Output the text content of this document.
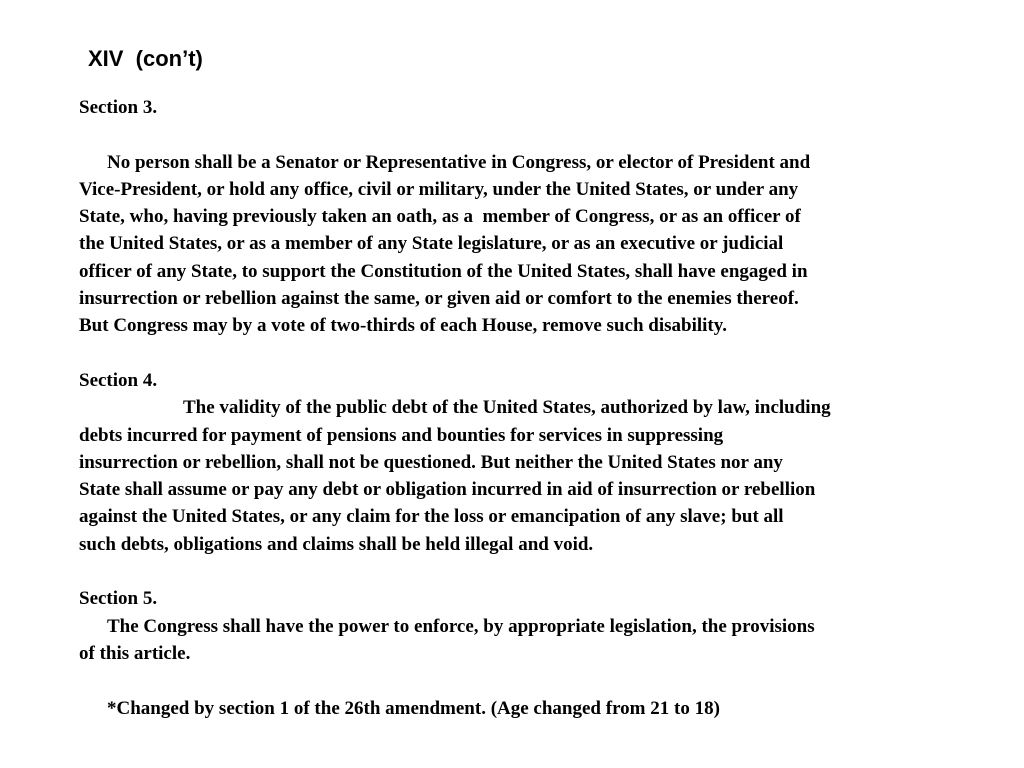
XIV  (con’t)
Section 3.
No person shall be a Senator or Representative in Congress, or elector of President and
Vice-President, or hold any office, civil or military, under the United States, or under any
State, who, having previously taken an oath, as a  member of Congress, or as an officer of
the United States, or as a member of any State legislature, or as an executive or judicial
officer of any State, to support the Constitution of the United States, shall have engaged in
insurrection or rebellion against the same, or given aid or comfort to the enemies thereof.
But Congress may by a vote of two-thirds of each House, remove such disability.
Section 4.
The validity of the public debt of the United States, authorized by law, including
debts incurred for payment of pensions and bounties for services in suppressing
insurrection or rebellion, shall not be questioned. But neither the United States nor any
State shall assume or pay any debt or obligation incurred in aid of insurrection or rebellion
against the United States, or any claim for the loss or emancipation of any slave; but all
such debts, obligations and claims shall be held illegal and void.
Section 5.
The Congress shall have the power to enforce, by appropriate legislation, the provisions
of this article.
*Changed by section 1 of the 26th amendment. (Age changed from 21 to 18)
